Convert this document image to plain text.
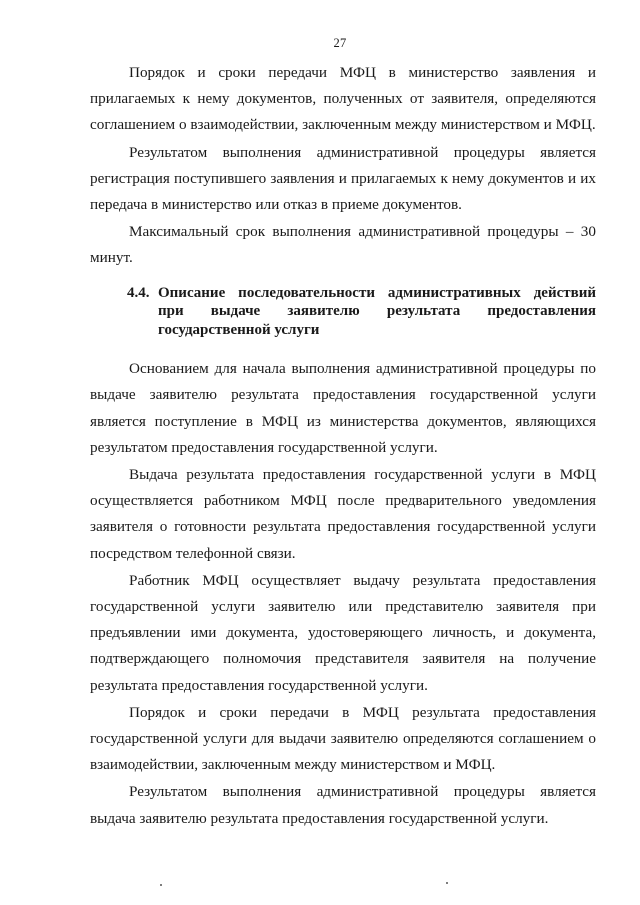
27

Порядок и сроки передачи МФЦ в министерство заявления и прилагаемых к нему документов, полученных от заявителя, определяются соглашением о взаимодействии, заключенным между министерством и МФЦ.

Результатом выполнения административной процедуры является регистрация поступившего заявления и прилагаемых к нему документов и их передача в министерство или отказ в приеме документов.

Максимальный срок выполнения административной процедуры – 30 минут.

4.4. Описание последовательности административных действий при выдаче заявителю результата предоставления государственной услуги

Основанием для начала выполнения административной процедуры по выдаче заявителю результата предоставления государственной услуги является поступление в МФЦ из министерства документов, являющихся результатом предоставления государственной услуги.

Выдача результата предоставления государственной услуги в МФЦ осуществляется работником МФЦ после предварительного уведомления заявителя о готовности результата предоставления государственной услуги посредством телефонной связи.

Работник МФЦ осуществляет выдачу результата предоставления государственной услуги заявителю или представителю заявителя при предъявлении ими документа, удостоверяющего личность, и документа, подтверждающего полномочия представителя заявителя на получение результата предоставления государственной услуги.

Порядок и сроки передачи в МФЦ результата предоставления государственной услуги для выдачи заявителю определяются соглашением о взаимодействии, заключенным между министерством и МФЦ.

Результатом выполнения административной процедуры является выдача заявителю результата предоставления государственной услуги.
